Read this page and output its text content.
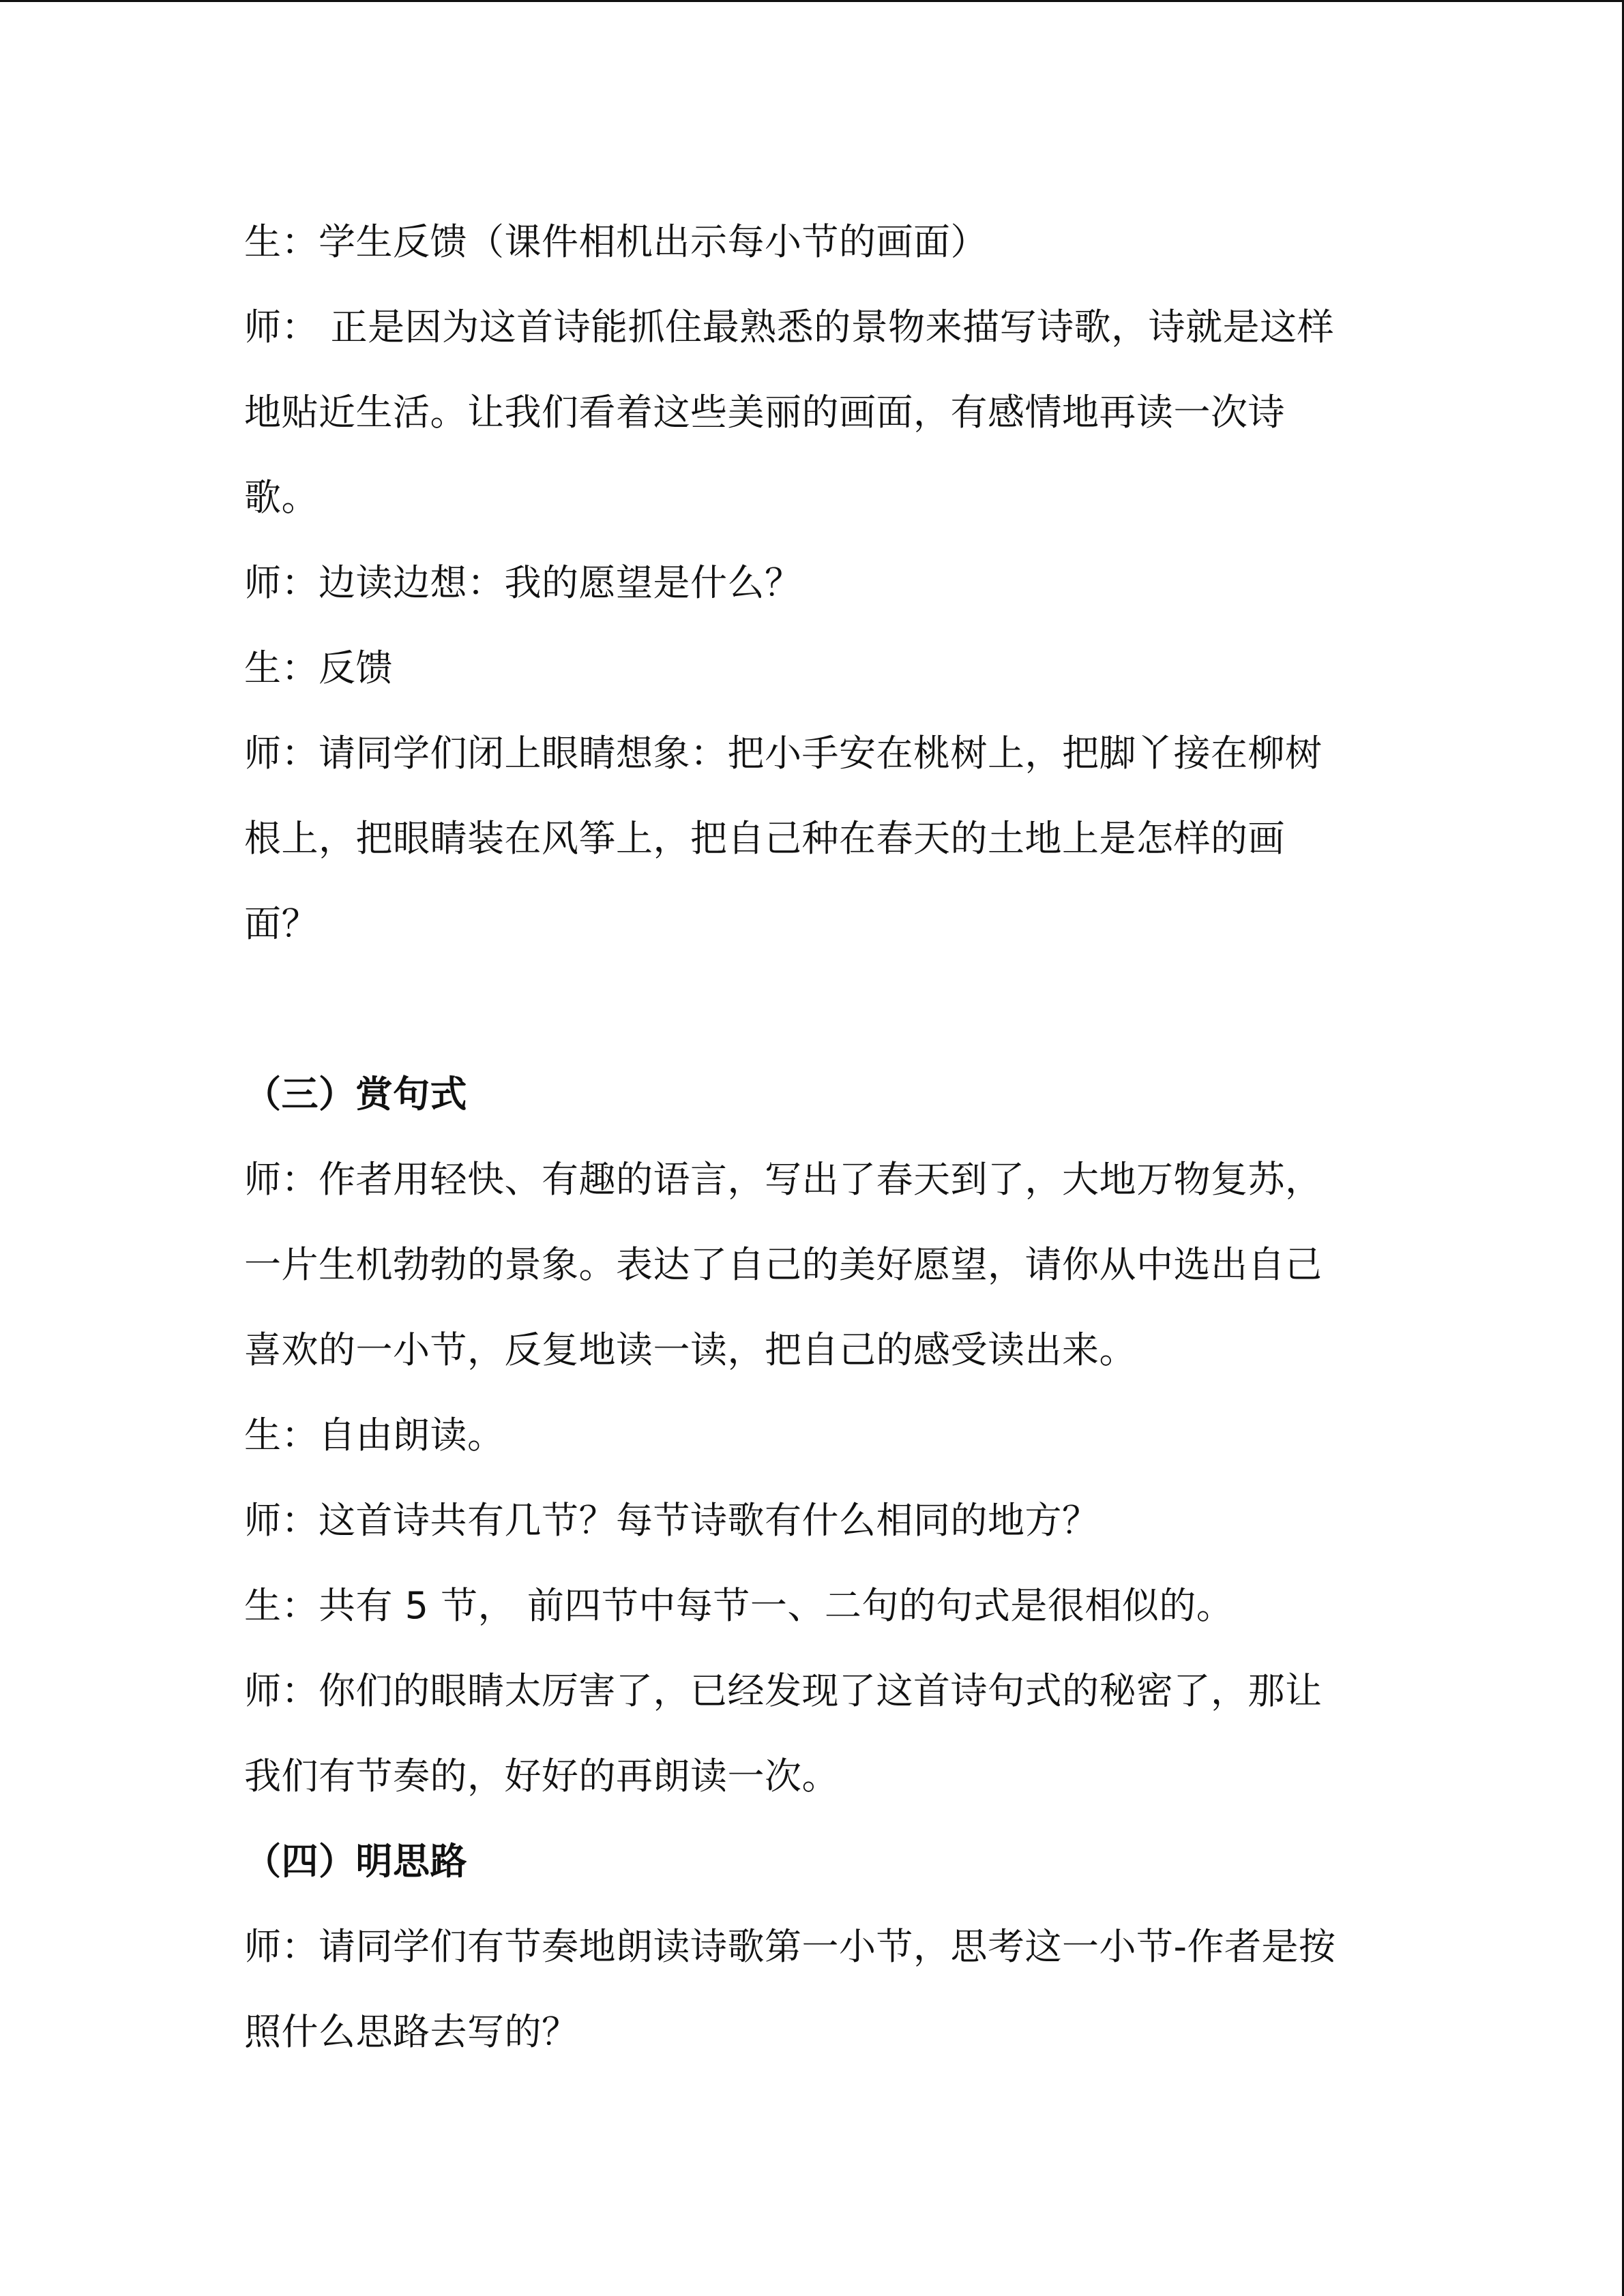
生：学生反馈（课件相机出示每小节的画面）
师： 正是因为这首诗能抓住最熟悉的景物来描写诗歌，诗就是这样
地贴近生活。让我们看着这些美丽的画面，有感情地再读一次诗
歌。
师：边读边想：我的愿望是什么？
生：反馈
师：请同学们闭上眼睛想象：把小手安在桃树上，把脚丫接在柳树
根上，把眼睛装在风筝上，把自己种在春天的土地上是怎样的画
面？
（三）赏句式
师：作者用轻快、有趣的语言，写出了春天到了，大地万物复苏，
一片生机勃勃的景象。表达了自己的美好愿望，请你从中选出自己
喜欢的一小节，反复地读一读，把自己的感受读出来。
生：自由朗读。
师：这首诗共有几节？每节诗歌有什么相同的地方？
生：共有 5 节， 前四节中每节一、二句的句式是很相似的。
师：你们的眼睛太厉害了，已经发现了这首诗句式的秘密了，那让
我们有节奏的，好好的再朗读一次。
（四）明思路
师：请同学们有节奏地朗读诗歌第一小节，思考这一小节-作者是按
照什么思路去写的？
